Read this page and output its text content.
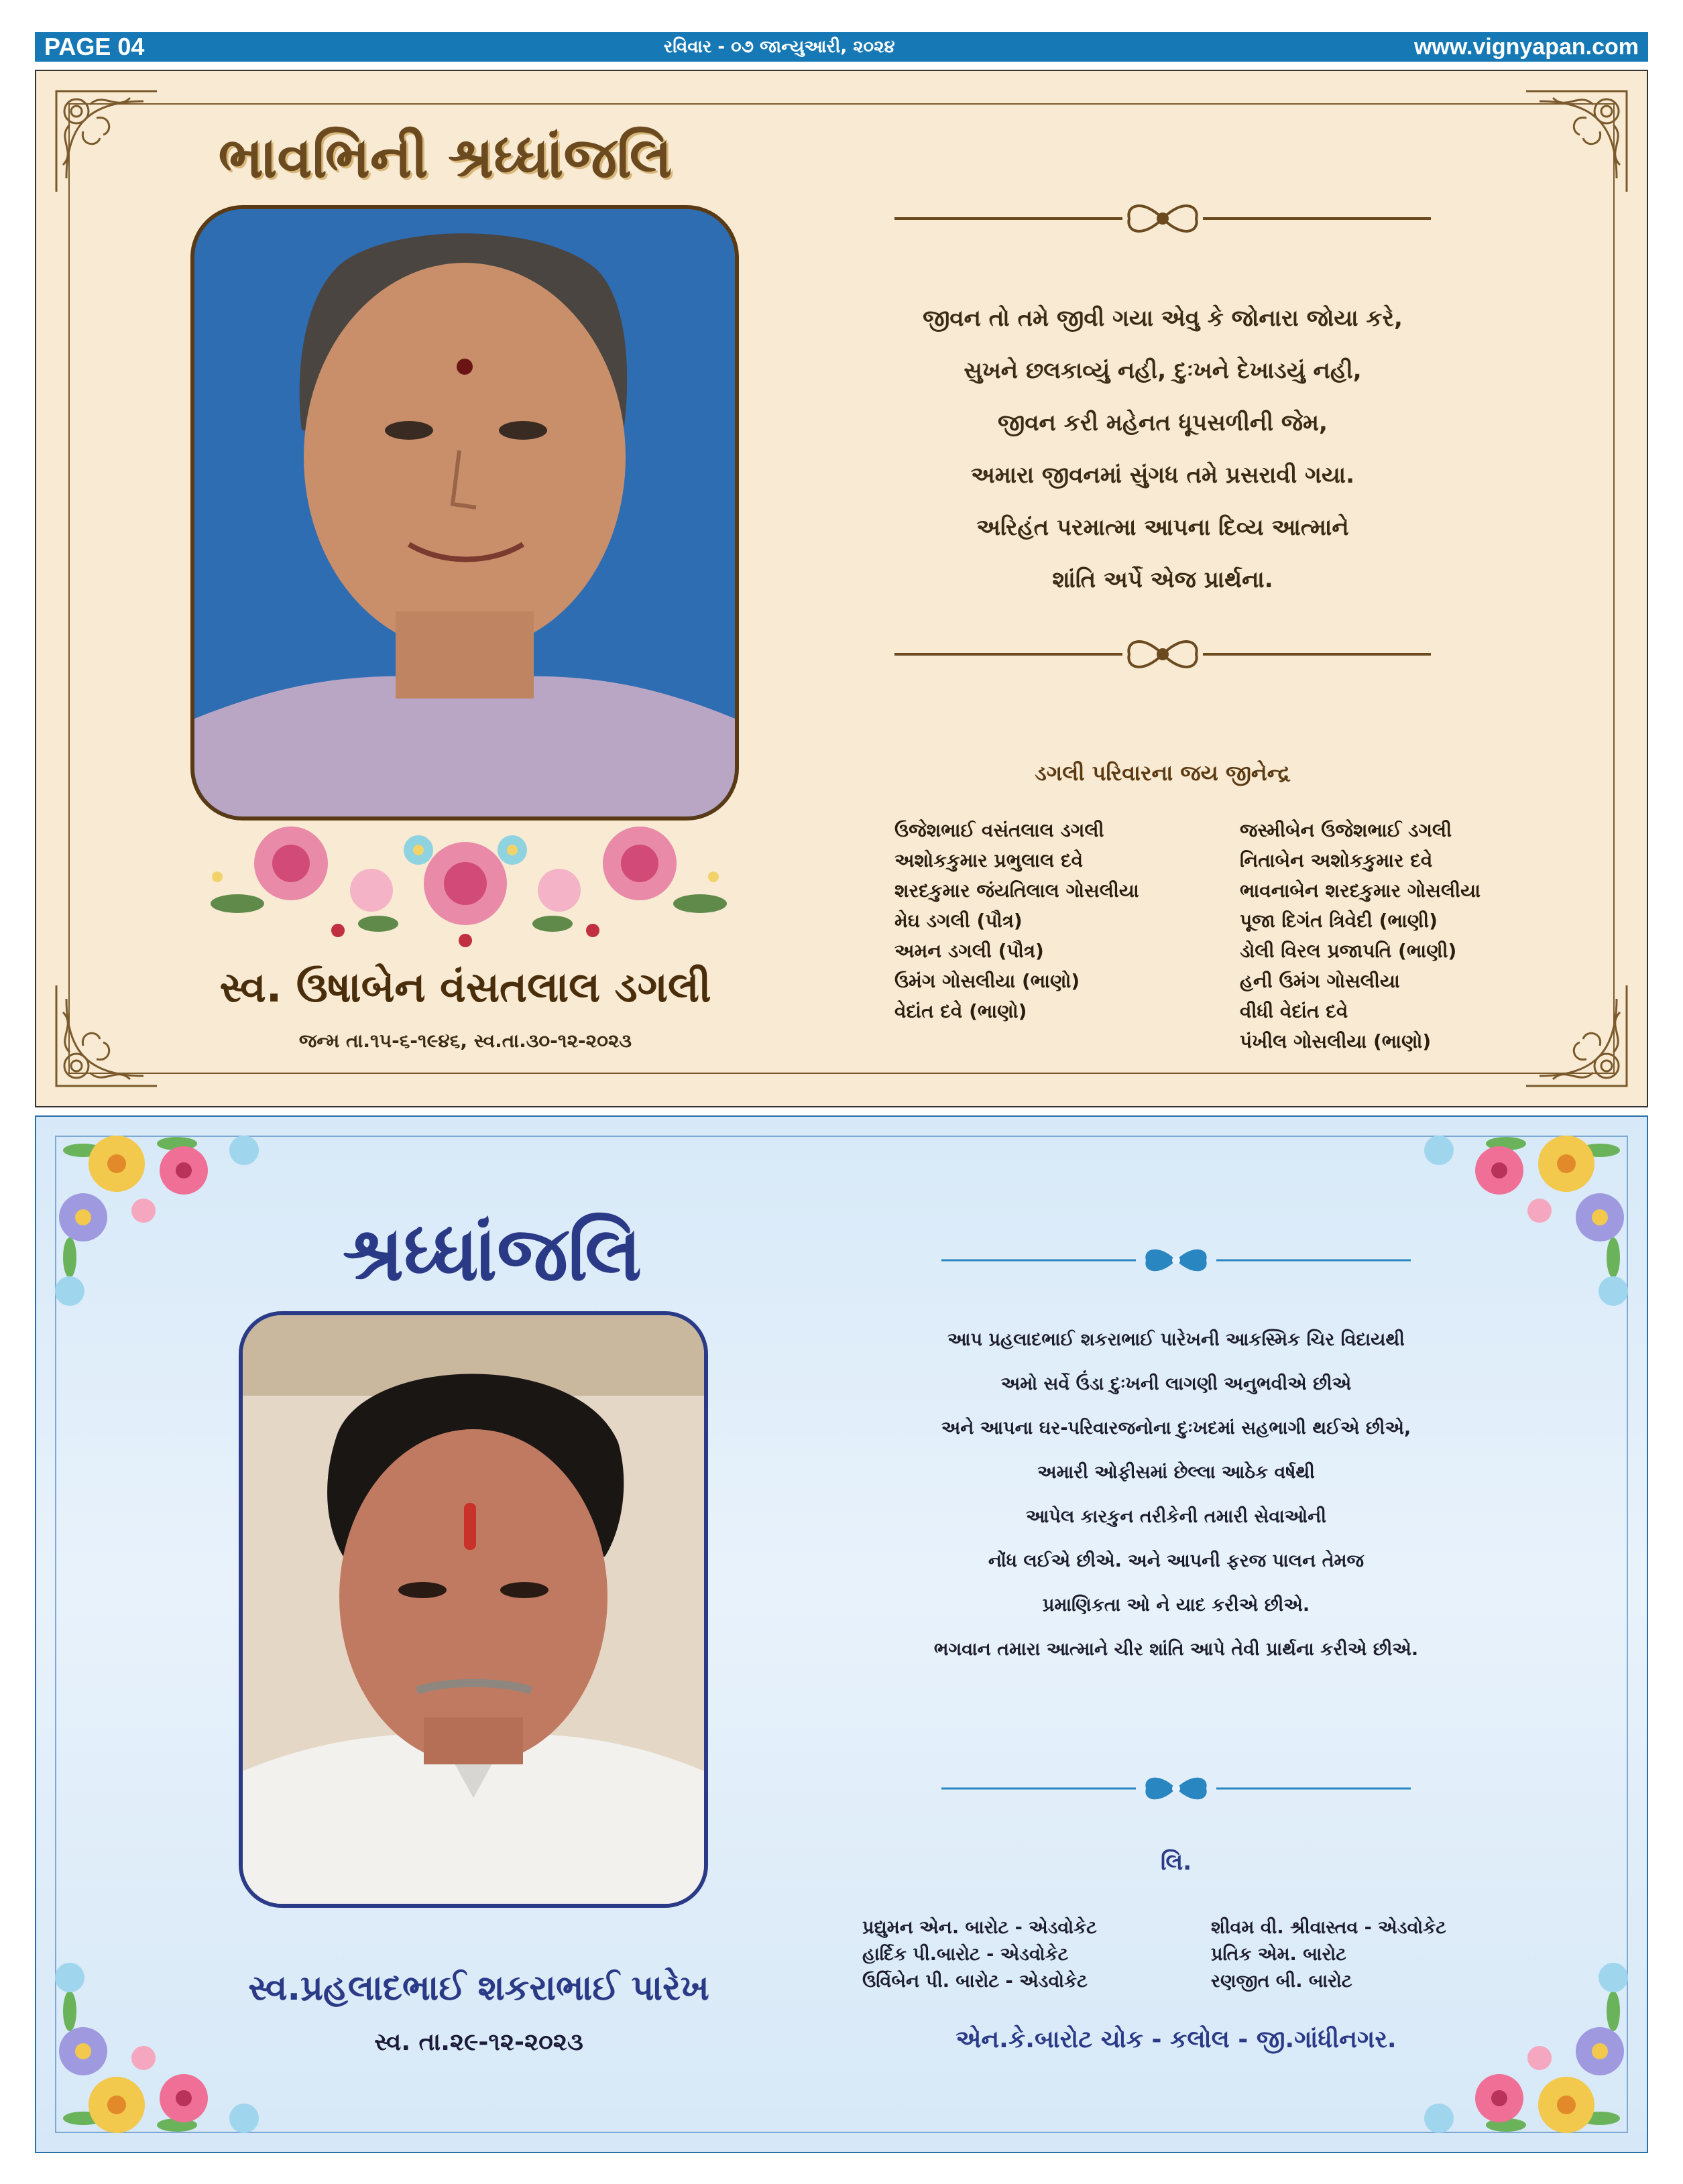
PAGE 04	રવિવાર - ૦૭ જાન્યુઆરી, ૨૦૨૪	www.vignyapan.com
ભાવભિની શ્રધ્ધાંજલિ
સ્વ. ઉષાબેન વંસતલાલ ડગલી
જન્મ તા.૧૫-૬-૧૯૪૬, સ્વ.તા.૩૦-૧૨-૨૦૨૩
જીવન તો તમે જીવી ગયા એવુ કે જોનારા જોયા કરે,
સુખને છલકાવ્યું નહી, દુઃખને દેખાડયું નહી,
જીવન કરી મહેનત ધૂપસળીની જેમ,
અમારા જીવનમાં સુંગધ તમે પ્રસરાવી ગયા.
અરિહંત પરમાત્મા આપના દિવ્ય આત્માને
શાંતિ અર્પે એજ પ્રાર્થના.
ડગલી પરિવારના જય જીનેન્દ્ર
ઉજેશભાઈ વસંતલાલ ડગલી
અશોકકુમાર પ્રભુલાલ દવે
શરદકુમાર જંયતિલાલ ગોસલીયા
મેઘ ડગલી (પૌત્ર)
અમન ડગલી (પૌત્ર)
ઉમંગ ગોસલીયા (ભાણો)
વેદાંત દવે (ભાણો)
જસ્મીબેન ઉજેશભાઈ ડગલી
નિતાબેન અશોકકુમાર દવે
ભાવનાબેન શરદકુમાર ગોસલીયા
પૂજા દિગંત ત્રિવેદી (ભાણી)
ડોલી વિરલ પ્રજાપતિ (ભાણી)
હની ઉમંગ ગોસલીયા
વીધી વેદાંત દવે
પંખીલ ગોસલીયા (ભાણો)
શ્રધ્ધાંજલિ
સ્વ.પ્રહલાદભાઈ શકરાભાઈ પારેખ
સ્વ. તા.૨૯-૧૨-૨૦૨૩
આપ પ્રહલાદભાઈ શકરાભાઈ પારેખની આકસ્મિક ચિર વિદાયથી
અમો સર્વે ઉંડા દુઃખની લાગણી અનુભવીએ છીએ
અને આપના ઘર-પરિવારજનોના દુઃખદમાં સહભાગી થઈએ છીએ,
અમારી ઓફીસમાં છેલ્લા આઠેક વર્ષથી
આપેલ કારકુન તરીકેની તમારી સેવાઓની
નોંધ લઈએ છીએ. અને આપની ફરજ પાલન તેમજ
પ્રમાણિકતા ઓ ને યાદ કરીએ છીએ.
ભગવાન તમારા આત્માને ચીર શાંતિ આપે તેવી પ્રાર્થના કરીએ છીએ.
લિ.
પ્રદ્યુમન એન. બારોટ - એડવોકેટ
હાર્દિક પી.બારોટ - એડવોકેટ
ઉર્વિબેન પી. બારોટ - એડવોકેટ
શીવમ વી. શ્રીવાસ્તવ - એડવોકેટ
પ્રતિક એમ. બારોટ
રણજીત બી. બારોટ
એન.કે.બારોટ ચોક - કલોલ - જી.ગાંધીનગર.
